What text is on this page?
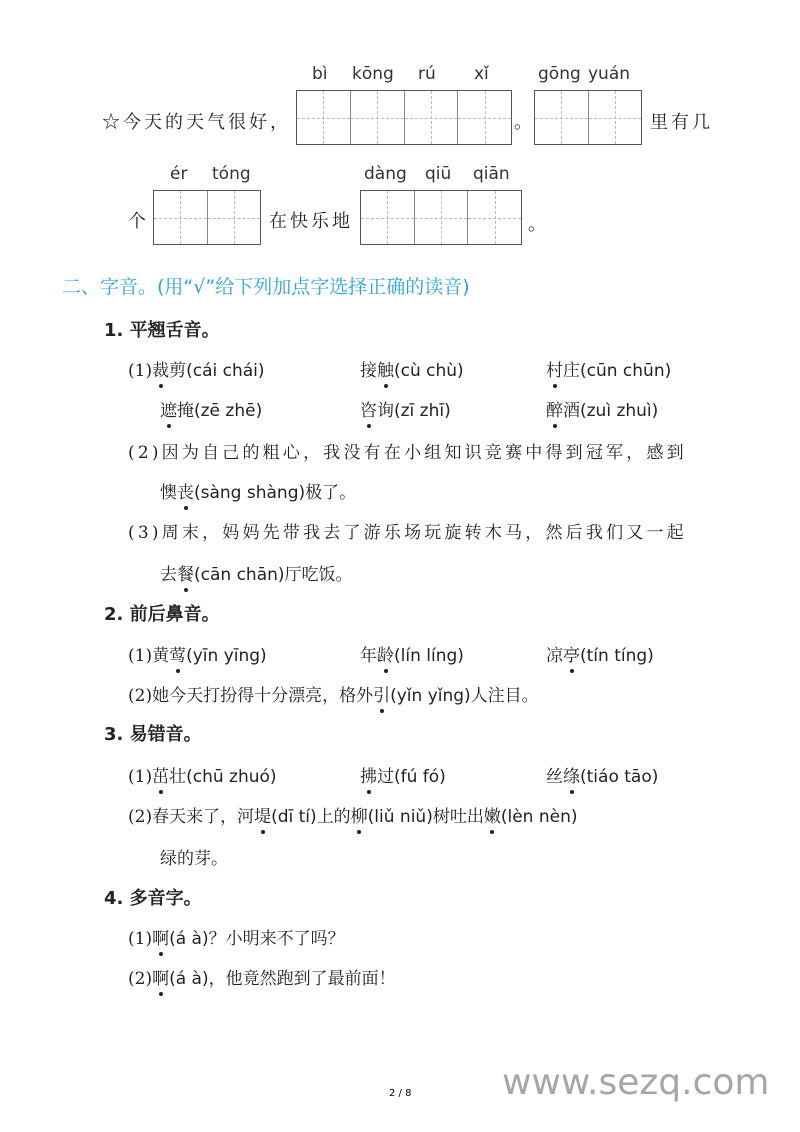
bì kōng rú xǐ	gōng yuán
☆今天的天气很好，	。	里有几
ér tóng	dàng qiū qiān
个	在快乐地	。
二、字音。(用“√”给下列加点字选择正确的读音)
1. 平翘舌音。
(1)裁剪(cái chái)	接触(cù chù)	村庄(cūn chūn)
遮掩(zē zhē)	咨询(zī zhī)	醉酒(zuì zhuì)
(2)因为自己的粗心，我没有在小组知识竞赛中得到冠军，感到
懊丧(sàng shàng)极了。
(3)周末，妈妈先带我去了游乐场玩旋转木马，然后我们又一起
去餐(cān chān)厅吃饭。
2. 前后鼻音。
(1)黄莺(yīn yīng)	年龄(lín líng)	凉亭(tín tíng)
(2)她今天打扮得十分漂亮，格外引(yǐn yǐng)人注目。
3. 易错音。
(1)茁壮(chū zhuó)	拂过(fú fó)	丝绦(tiáo tāo)
(2)春天来了，河堤(dī tí)上的柳(liǔ niǔ)树吐出嫩(lèn nèn)
绿的芽。
4. 多音字。
(1)啊(á à)？小明来不了吗？
(2)啊(á à)，他竟然跑到了最前面！
2 / 8	www.sezq.com
